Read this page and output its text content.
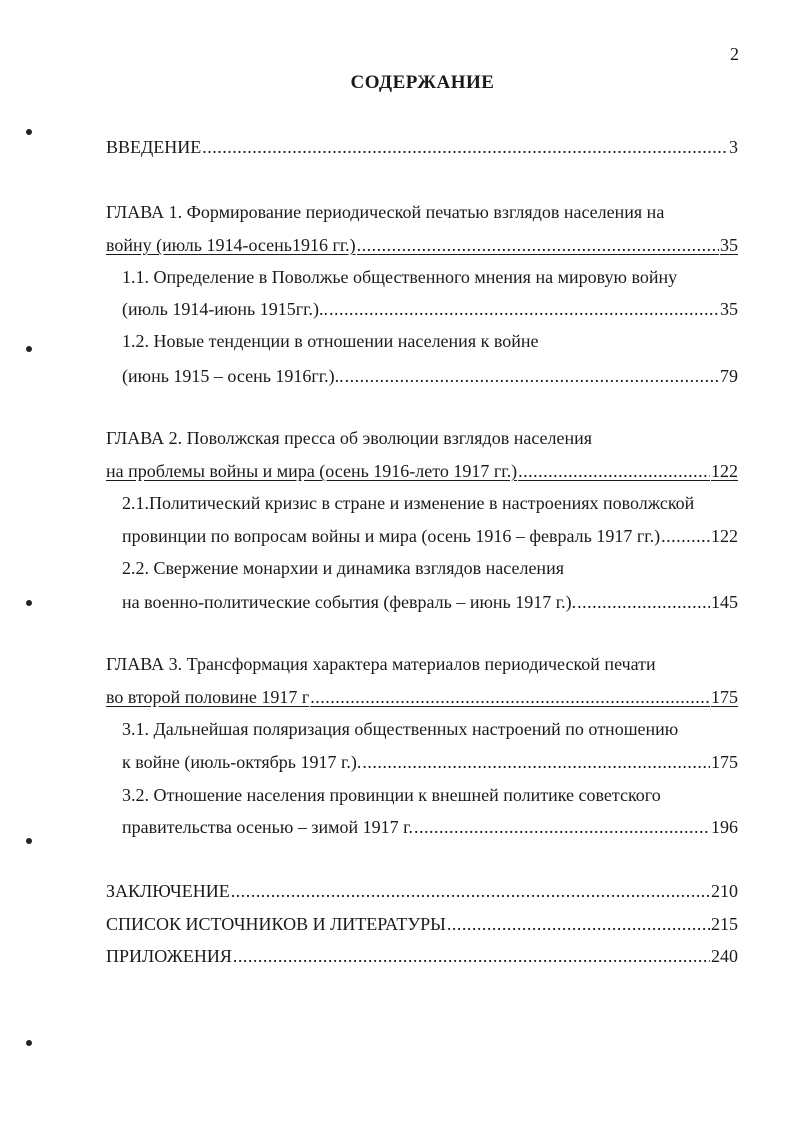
2
СОДЕРЖАНИЕ
ВВЕДЕНИЕ .....	3
ГЛАВА 1. Формирование периодической печатью взглядов населения на
войну (июль 1914-осень1916 гг.) .....	35
1.1. Определение в Поволжье общественного мнения на мировую войну
(июль 1914-июнь 1915гг.).. .....	35
1.2. Новые тенденции в отношении населения к войне
(июнь 1915 – осень 1916гг.).. .....	79
ГЛАВА 2. Поволжская пресса об эволюции взглядов населения
на проблемы войны и мира (осень 1916-лето 1917 гг.) .....	122
2.1.Политический кризис в стране и изменение в настроениях поволжской
провинции по вопросам войны и мира (осень 1916 – февраль 1917 гг.) .....	122
2.2. Свержение монархии и динамика взглядов населения
на военно-политические события (февраль – июнь 1917 г.). .....	145
ГЛАВА 3. Трансформация характера материалов периодической печати
во второй половине 1917 г .....	175
3.1. Дальнейшая поляризация общественных настроений по отношению
к войне (июль-октябрь 1917 г.). .....	175
3.2. Отношение населения провинции к внешней политике советского
правительства осенью – зимой 1917 г. .....	196
ЗАКЛЮЧЕНИЕ .....	210
СПИСОК ИСТОЧНИКОВ И ЛИТЕРАТУРЫ .....	215
ПРИЛОЖЕНИЯ .....	240
